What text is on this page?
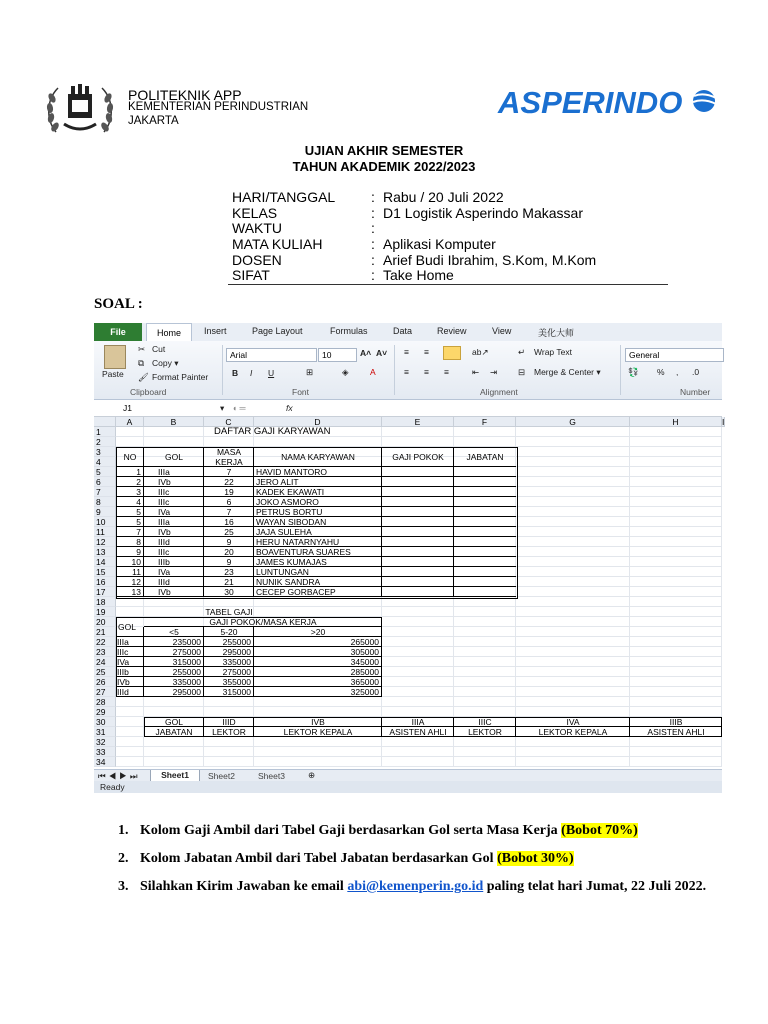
POLITEKNIK APP
KEMENTERIAN PERINDUSTRIAN
JAKARTA
ASPERINDO
UJIAN AKHIR SEMESTER
TAHUN AKADEMIK 2022/2023
HARI/TANGGAL	: Rabu / 20 Juli 2022
KELAS	: D1 Logistik Asperindo Makassar
WAKTU	:
MATA KULIAH	: Aplikasi Komputer
DOSEN	: Arief Budi Ibrahim, S.Kom, M.Kom
SIFAT	: Take Home
SOAL :
File	Home	Insert	Page Layout	Formulas	Data	Review	View	美化大师
Paste
✂ Cut
⧉ Copy ▾
🖌 Format Painter
Clipboard
Arial	10	A˄ A˅
B I U	⊞	◈	A
Font
≡ ≡	ab↗	↵ Wrap Text
≡ ≡ ≡	⇤ ⇥ ⊟ Merge & Center ▾
Alignment
General
💱 % , .0
Number
J1	▾ ◖ ═	fx
A	B	C	D	E	F	G	H	I
1
2
3
4
5
6
7
8
9
10
11
12
13
14
15
16
17
18
19
20
21
22
23
24
25
26
27
28
29
30
31
32
33
34
DAFTAR GAJI KARYAWAN
NO	GOL	MASA
KERJA	NAMA KARYAWAN	GAJI POKOK	JABATAN
1 IIIa	7	HAVID MANTORO
2 IVb	22	JERO ALIT
3 IIIc	19	KADEK EKAWATI
4 IIIc	6	JOKO ASMORO
5 IVa	7	PETRUS BORTU
5 IIIa	16	WAYAN SIBODAN
7 IVb	25	JAJA SULEHA
8 IIId	9	HERU NATARNYAHU
9 IIIc	20	BOAVENTURA SUARES
10 IIIb	9	JAMES KUMAJAS
11 IVa	23	LUNTUNGAN
12 IIId	21	NUNIK SANDRA
13 IVb	30	CECEP GORBACEP
TABEL GAJI
GOL	GAJI POKOK/MASA KERJA
<5	5-20	>20
IIIa	235000	255000	265000
IIIc	275000	295000	305000
IVa	315000	335000	345000
IIIb	255000	275000	285000
IVb	335000	355000	365000
IIId	295000	315000	325000
GOL
JABATAN
IIID
LEKTOR
IVB
LEKTOR KEPALA
IIIA
ASISTEN AHLI
IIIC
LEKTOR
IVA
LEKTOR KEPALA
IIIB
ASISTEN AHLI
⏮◀▶⏭	Sheet1	Sheet2	Sheet3	⊕
Ready
1. Kolom Gaji Ambil dari Tabel Gaji berdasarkan Gol serta Masa Kerja (Bobot 70%)
2. Kolom Jabatan Ambil dari Tabel Jabatan berdasarkan Gol (Bobot 30%)
3. Silahkan Kirim Jawaban ke email abi@kemenperin.go.id paling telat hari Jumat, 22 Juli 2022.
